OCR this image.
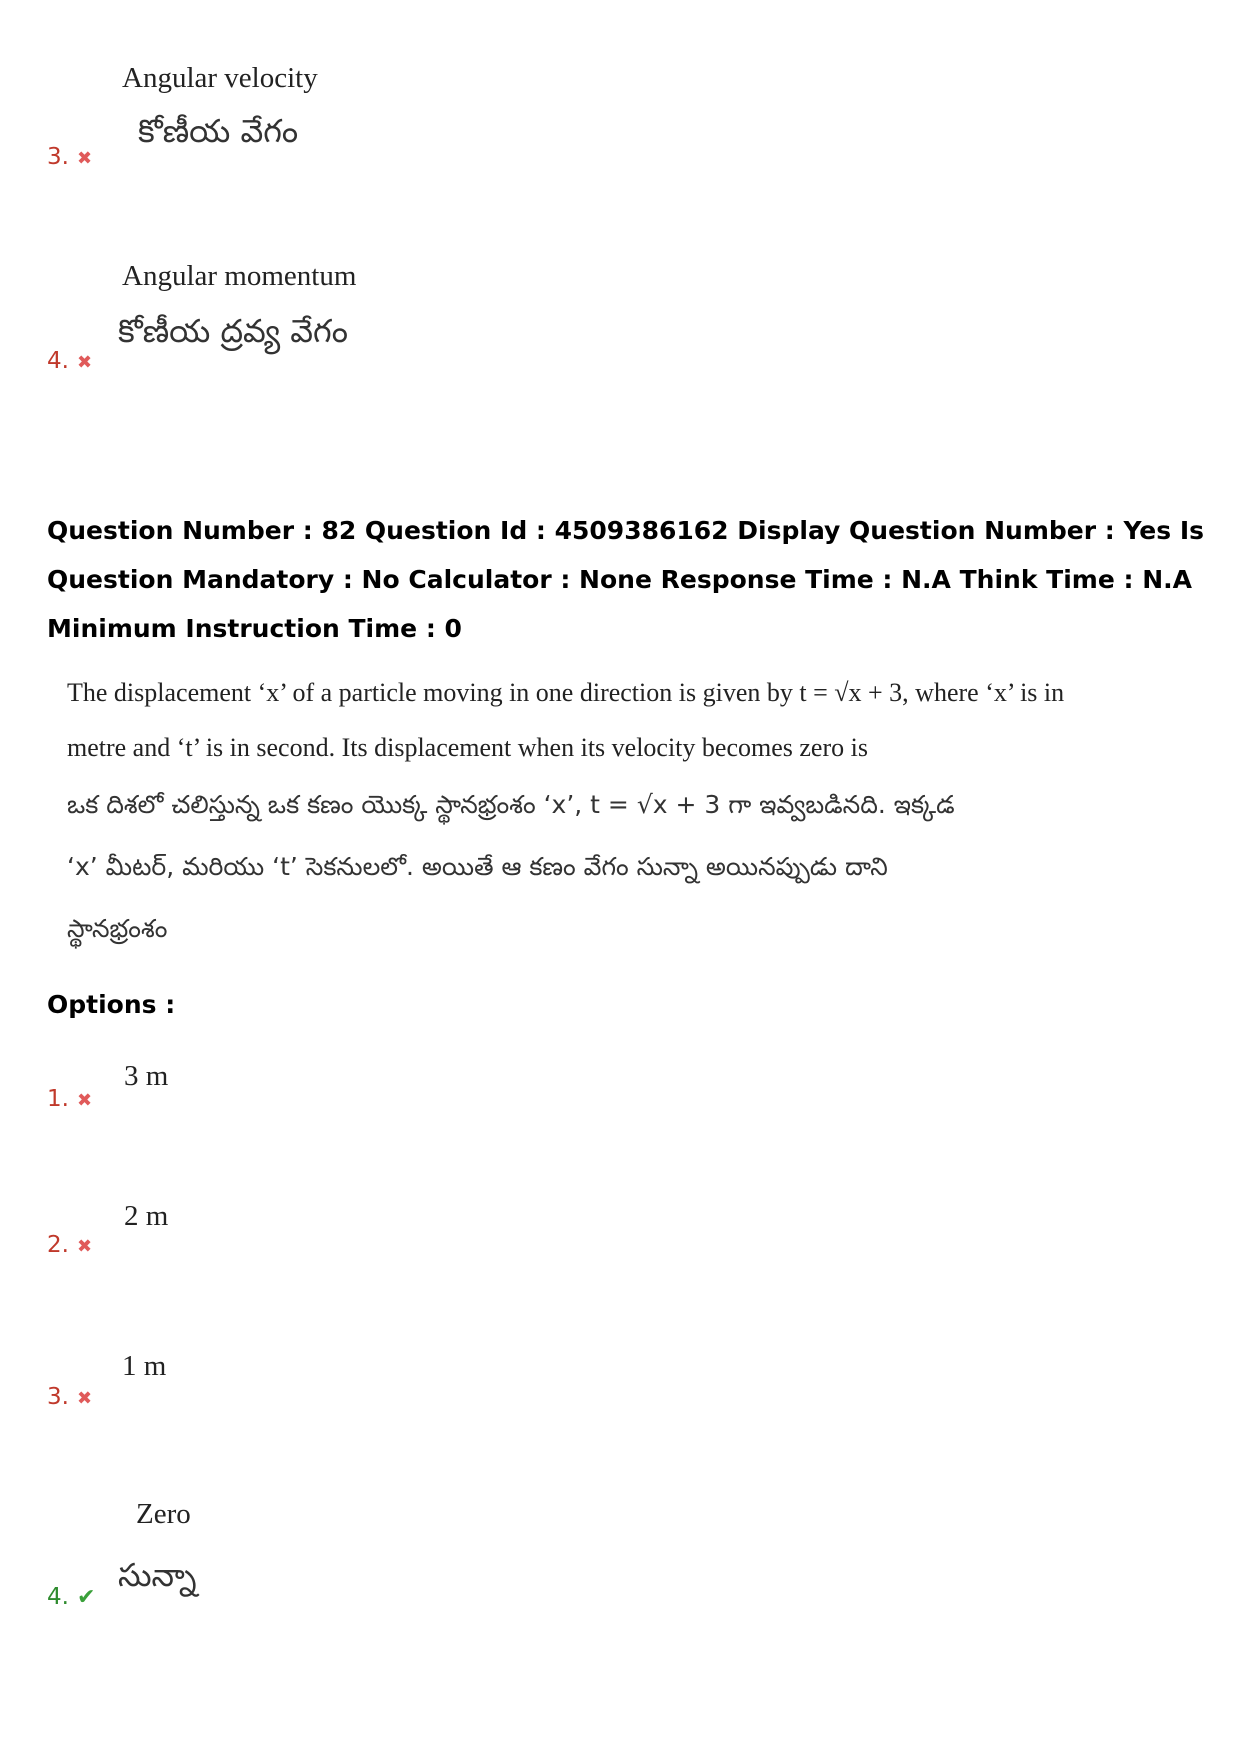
Angular velocity
కోణీయ వేగం
3. ✖
Angular momentum
కోణీయ ద్రవ్య వేగం
4. ✖
Question Number : 82 Question Id : 4509386162 Display Question Number : Yes Is Question Mandatory : No Calculator : None Response Time : N.A Think Time : N.A Minimum Instruction Time : 0
The displacement ‘x’ of a particle moving in one direction is given by t = √x + 3, where ‘x’ is in
metre and ‘t’ is in second. Its displacement when its velocity becomes zero is
ఒక దిశలో చలిస్తున్న ఒక కణం యొక్క స్థానభ్రంశం ‘x’, t = √x + 3 గా ఇవ్వబడినది. ఇక్కడ
‘x’ మీటర్, మరియు ‘t’ సెకనులలో. అయితే ఆ కణం వేగం సున్నా అయినప్పుడు దాని
స్థానభ్రంశం
Options :
3 m
1. ✖
2 m
2. ✖
1 m
3. ✖
Zero
సున్నా
4. ✔
